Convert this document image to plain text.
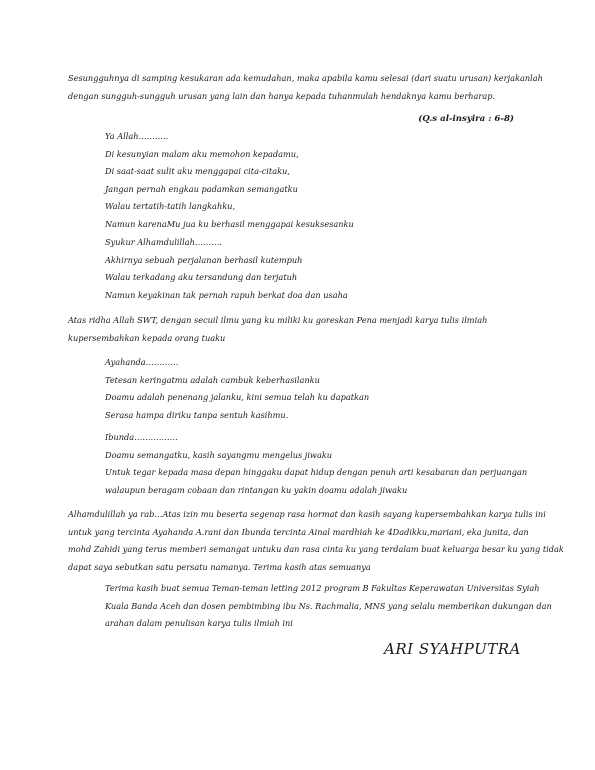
Sesungguhnya di samping kesukaran ada kemudahan, maka apabila kamu selesai (dari suatu urusan) kerjakanlah
dengan sungguh-sungguh urusan yang lain dan hanya kepada tuhanmulah hendaknya kamu berharap.
(Q.s al-insyira : 6-8)
Ya Allah………..
Di kesunyian malam aku memohon kepadamu,
Di saat-saat sulit aku menggapai cita-citaku,
Jangan pernah engkau padamkan semangatku
Walau tertatih-tatih langkahku,
Namun karenaMu jua ku berhasil menggapai kesuksesanku
Syukur Alhamdulillah……….
Akhirnya sebuah perjalanan berhasil kutempuh
Walau terkadang aku tersandung dan terjatuh
Namun keyakinan tak pernah rapuh berkat doa dan usaha
Atas ridha Allah SWT, dengan secuil ilmu yang ku miliki ku goreskan Pena menjadi karya tulis ilmiah
kupersembahkan kepada orang tuaku
Ayahanda…………
Tetesan keringatmu adalah cambuk keberhasilanku
Doamu adalah penenang jalanku, kini semua telah ku dapatkan
Serasa hampa diriku tanpa sentuh kasihmu.
Ibunda…………….
Doamu semangatku, kasih sayangmu mengelus jiwaku
Untuk tegar kepada masa depan hinggaku dapat hidup dengan penuh arti kesabaran dan perjuangan
walaupun beragam cobaan dan rintangan ku yakin doamu adalah jiwaku
Alhamdulillah ya rab…Atas izin mu beserta segenap rasa hormat dan kasih sayang kupersembahkan karya tulis ini
untuk yang tercinta Ayahanda A.rani dan Ibunda tercinta Ainal mardhiah ke 4Dadikku,mariani, eka junita, dan
mohd Zahidi yang terus memberi semangat untuku dan rasa cinta ku yang terdalam buat keluarga besar ku yang tidak
dapat saya sebutkan satu persatu namanya. Terima kasih atas semuanya
Terima kasih buat semua Teman-teman letting 2012 program B Fakultas Keperawatan Universitas Syiah
Kuala Banda Aceh dan dosen pembimbing ibu Ns. Rachmalia, MNS yang selalu memberikan dukungan dan
arahan dalam penulisan karya tulis ilmiah ini
ARI SYAHPUTRA
